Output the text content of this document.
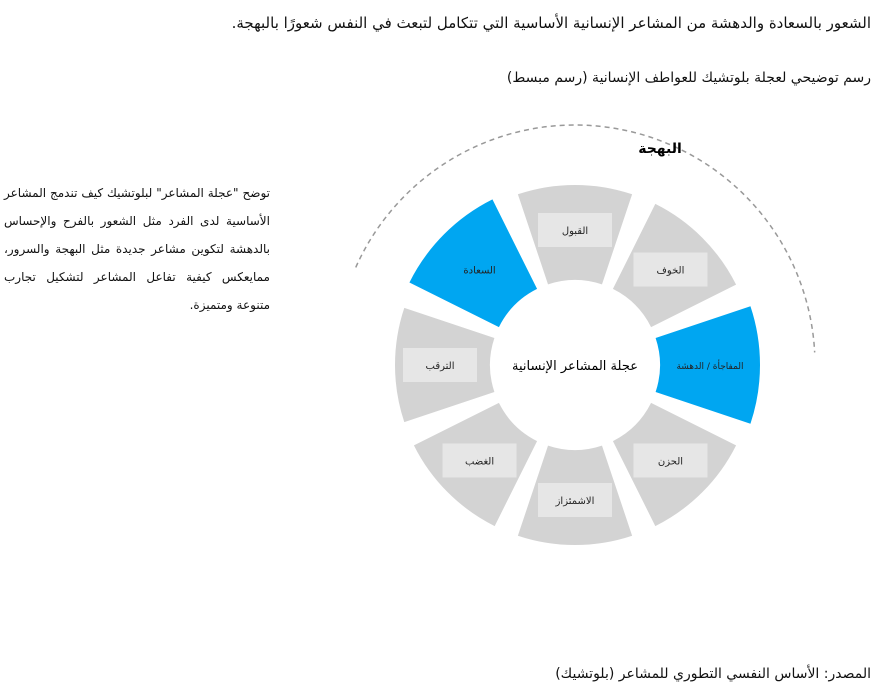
الشعور بالسعادة والدهشة من المشاعر الإنسانية الأساسية التي تتكامل لتبعث في النفس شعورًا بالبهجة.
رسم توضيحي لعجلة بلوتشيك للعواطف الإنسانية (رسم مبسط)
توضح "عجلة المشاعر" لبلوتشيك كيف تندمج المشاعر الأساسية لدى الفرد مثل الشعور بالفرح والإحساس بالدهشة لتكوين مشاعر جديدة مثل البهجة والسرور، ممايعكس كيفية تفاعل المشاعر لتشكيل تجارب متنوعة ومتميزة.
البهجة
القبول
الخوف
المفاجأة / الدهشة
الحزن
الاشمئزاز
الغضب
الترقب
السعادة
عجلة المشاعر الإنسانية
المصدر: الأساس النفسي التطوري للمشاعر (بلوتشيك)
